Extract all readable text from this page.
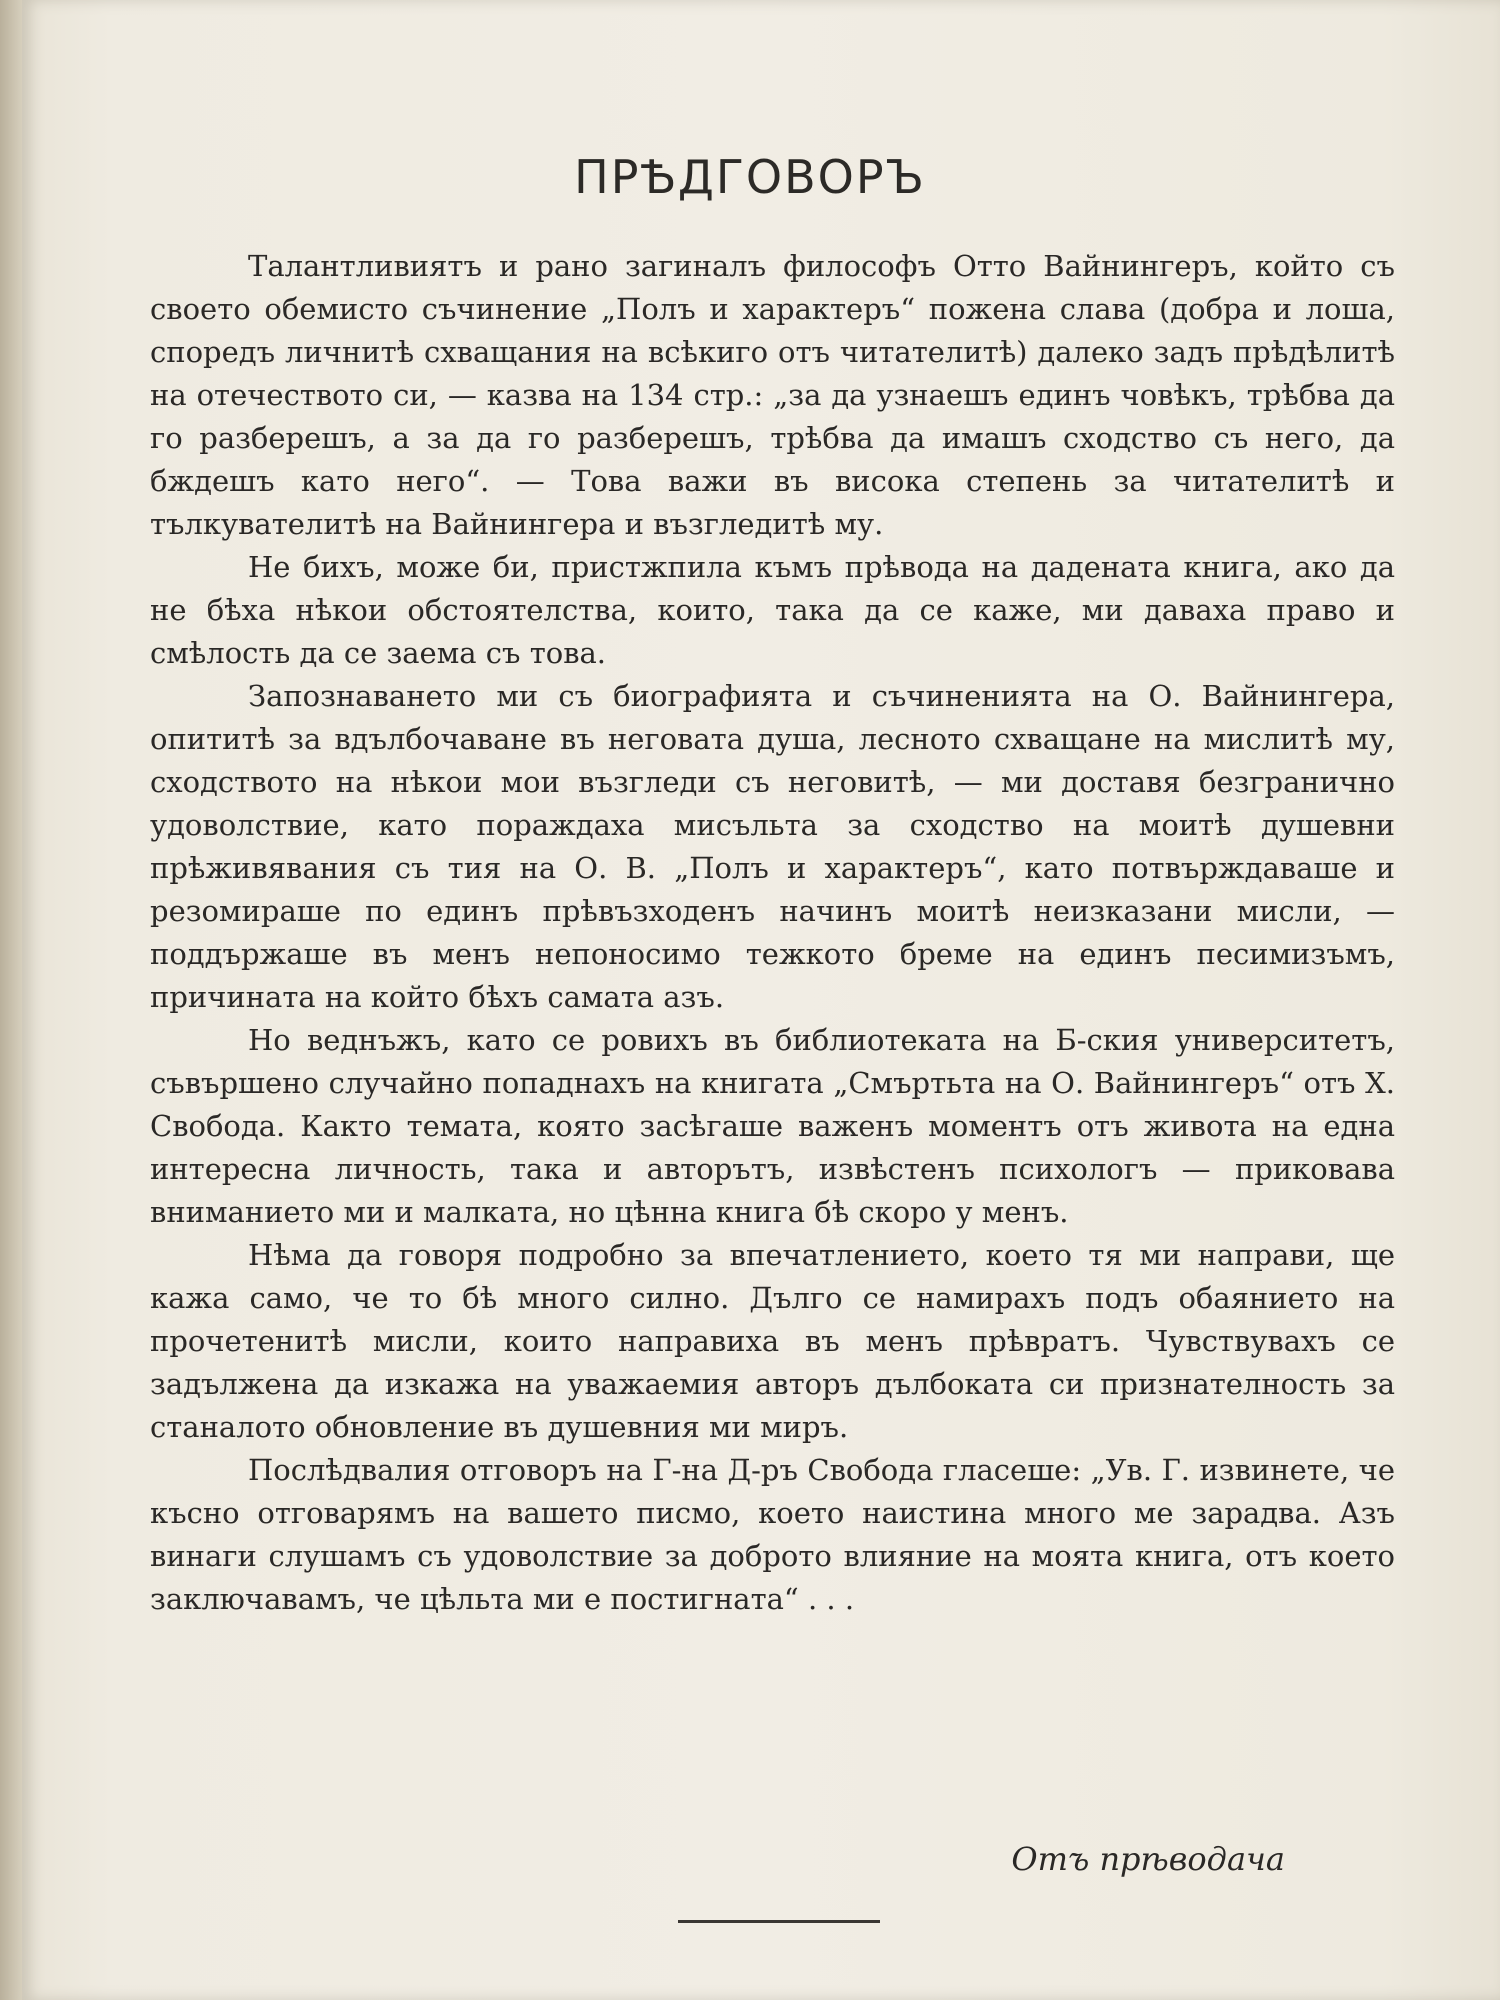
ПРѢДГОВОРЪ

Талантливиятъ и рано загиналъ философъ Отто Вайнингеръ, който съ своето обемисто съчинение „Полъ и характеръ“ пожена слава (добра и лоша, споредъ личнитѣ схващания на всѣкиго отъ читателитѣ) далеко задъ прѣдѣлитѣ на отечеството си, — казва на 134 стр.: „за да узнаешъ единъ човѣкъ, трѣбва да го разберешъ, а за да го разберешъ, трѣбва да имашъ сходство съ него, да бждешъ като него“. — Това важи въ висока степень за читателитѣ и тълкувателитѣ на Вайнингера и възгледитѣ му.

Не бихъ, може би, пристжпила къмъ прѣвода на дадената книга, ако да не бѣха нѣкои обстоятелства, които, така да се каже, ми даваха право и смѣлость да се заема съ това.

Запознаването ми съ биографията и съчиненията на О. Вайнингера, опититѣ за вдълбочаване въ неговата душа, лесното схващане на мислитѣ му, сходството на нѣкои мои възгледи съ неговитѣ, — ми доставя безгранично удоволствие, като пораждаха мисъльта за сходство на моитѣ душевни прѣживявания съ тия на О. В. „Полъ и характеръ“, като потвърждаваше и резомираше по единъ прѣвъзходенъ начинъ моитѣ неизказани мисли, — поддържаше въ менъ непоносимо тежкото бреме на единъ песимизъмъ, причината на който бѣхъ самата азъ.

Но веднъжъ, като се ровихъ въ библиотеката на Б-ския университетъ, съвършено случайно попаднахъ на книгата „Смъртьта на О. Вайнингеръ“ отъ Х. Свобода. Както темата, която засѣгаше важенъ моментъ отъ живота на една интересна личность, така и авторътъ, извѣстенъ психологъ — приковава вниманието ми и малката, но цѣнна книга бѣ скоро у менъ.

Нѣма да говоря подробно за впечатлението, което тя ми направи, ще кажа само, че то бѣ много силно. Дълго се намирахъ подъ обаянието на прочетенитѣ мисли, които направиха въ менъ прѣвратъ. Чувствувахъ се задължена да изкажа на уважаемия авторъ дълбоката си признателность за станалото обновление въ душевния ми миръ.

Послѣдвалия отговоръ на Г-на Д-ръ Свобода гласеше: „Ув. Г. извинете, че късно отговарямъ на вашето писмо, което наистина много ме зарадва. Азъ винаги слушамъ съ удоволствие за доброто влияние на моята книга, отъ което заключавамъ, че цѣльта ми е постигната“ . . .

Отъ прѣводача
